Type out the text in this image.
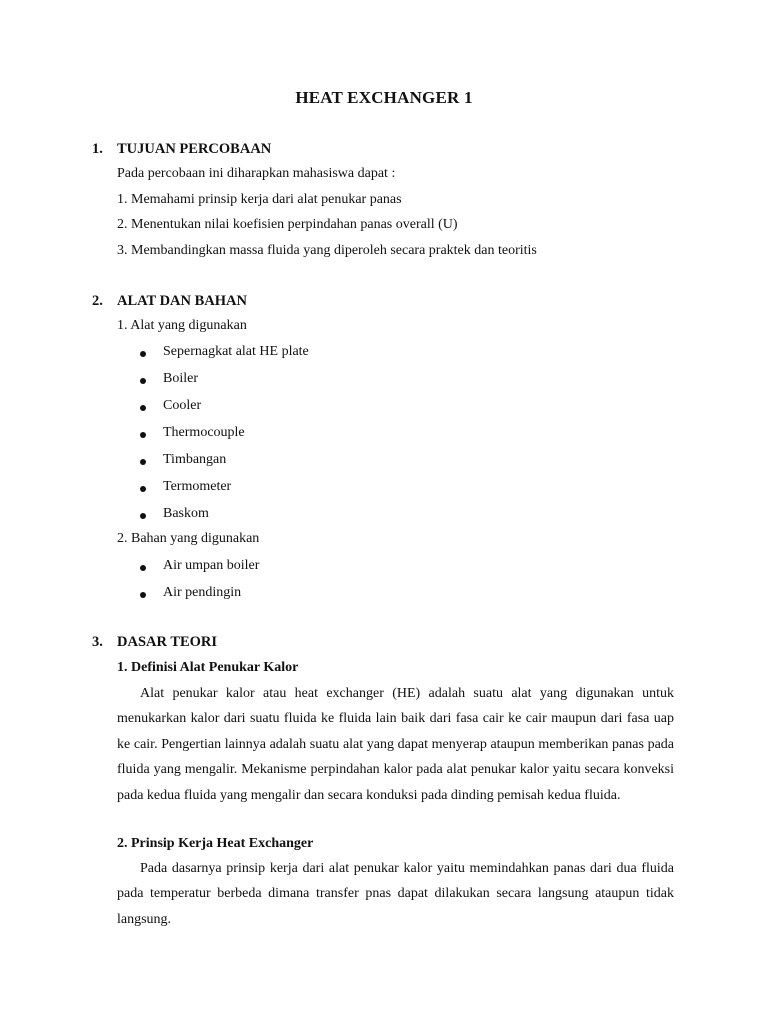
HEAT EXCHANGER 1
1. TUJUAN PERCOBAAN
Pada percobaan ini diharapkan mahasiswa dapat :
1. Memahami prinsip kerja dari alat penukar panas
2. Menentukan nilai koefisien perpindahan panas overall (U)
3. Membandingkan massa fluida yang diperoleh secara praktek dan teoritis
2. ALAT DAN BAHAN
1. Alat yang digunakan
Sepernagkat alat HE plate
Boiler
Cooler
Thermocouple
Timbangan
Termometer
Baskom
2. Bahan yang digunakan
Air umpan boiler
Air pendingin
3. DASAR TEORI
1. Definisi Alat Penukar Kalor

Alat penukar kalor atau heat exchanger (HE) adalah suatu alat yang digunakan untuk menukarkan kalor dari suatu fluida ke fluida lain baik dari fasa cair ke cair maupun dari fasa uap ke cair. Pengertian lainnya adalah suatu alat yang dapat menyerap ataupun memberikan panas pada fluida yang mengalir. Mekanisme perpindahan kalor pada alat penukar kalor yaitu secara konveksi pada kedua fluida yang mengalir dan secara konduksi pada dinding pemisah kedua fluida.

2. Prinsip Kerja Heat Exchanger

Pada dasarnya prinsip kerja dari alat penukar kalor yaitu memindahkan panas dari dua fluida pada temperatur berbeda dimana transfer pnas dapat dilakukan secara langsung ataupun tidak langsung.
